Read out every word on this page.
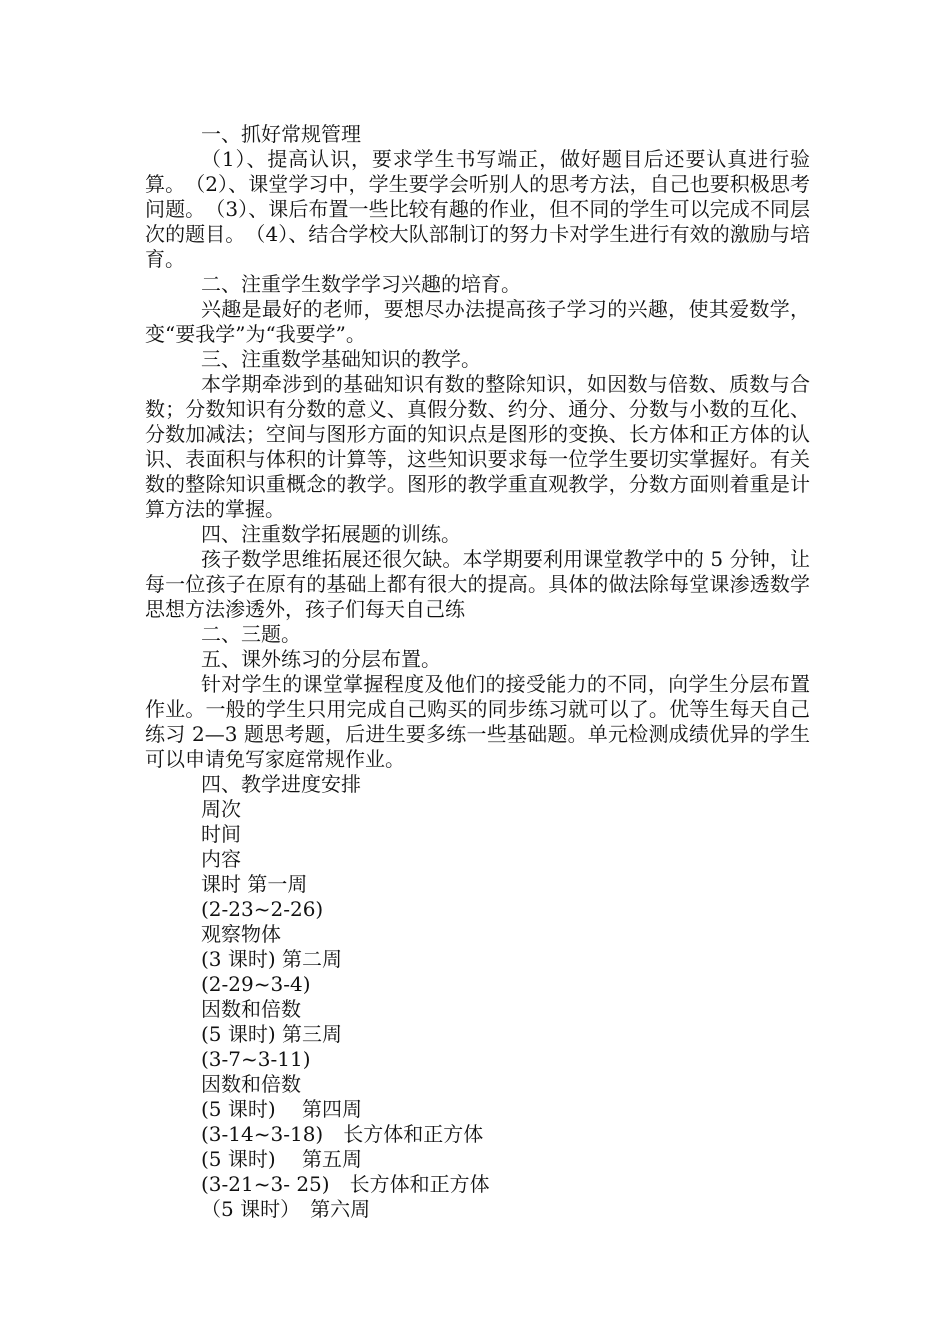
一、抓好常规管理

（1）、提高认识，要求学生书写端正，做好题目后还要认真进行验算。　（2）、课堂学习中，学生要学会听别人的思考方法，自己也要积极思考问题。　（3）、课后布置一些比较有趣的作业，但不同的学生可以完成不同层次的题目。　（4）、结合学校大队部制订的努力卡对学生进行有效的激励与培育。

二、注重学生数学学习兴趣的培育。

兴趣是最好的老师，要想尽办法提高孩子学习的兴趣，使其爱数学，变“要我学”为“我要学”。

三、注重数学基础知识的教学。

本学期牵涉到的基础知识有数的整除知识，如因数与倍数、质数与合数；分数知识有分数的意义、真假分数、约分、通分、分数与小数的互化、分数加减法；空间与图形方面的知识点是图形的变换、长方体和正方体的认识、表面积与体积的计算等，这些知识要求每一位学生要切实掌握好。有关数的整除知识重概念的教学。图形的教学重直观教学，分数方面则着重是计算方法的掌握。

四、注重数学拓展题的训练。

孩子数学思维拓展还很欠缺。本学期要利用课堂教学中的 5 分钟，让每一位孩子在原有的基础上都有很大的提高。具体的做法除每堂课渗透数学思想方法渗透外，孩子们每天自己练

二、三题。

五、课外练习的分层布置。

针对学生的课堂掌握程度及他们的接受能力的不同，向学生分层布置作业。一般的学生只用完成自己购买的同步练习就可以了。优等生每天自己练习 2—3 题思考题，后进生要多练一些基础题。单元检测成绩优异的学生可以申请免写家庭常规作业。

四、教学进度安排

周次

时间

内容

课时 第一周

(2-23~2-26)

观察物体

(3 课时) 第二周

(2-29~3-4)

因数和倍数

(5 课时) 第三周

(3-7~3-11)

因数和倍数

(5 课时)　 第四周

(3-14~3-18)　长方体和正方体

(5 课时)　 第五周

(3-21~3- 25)　长方体和正方体

（5 课时）　第六周
